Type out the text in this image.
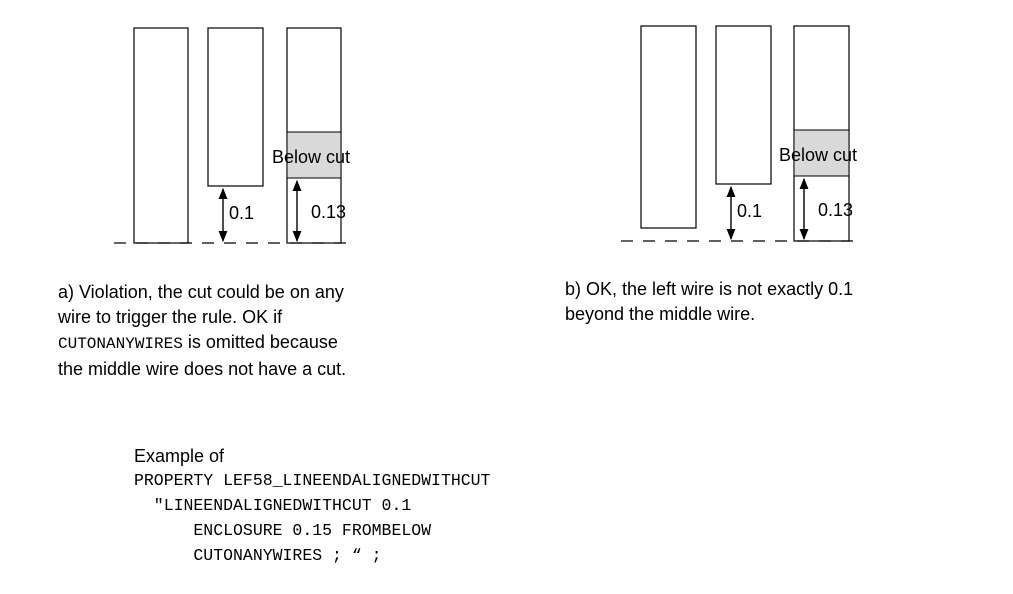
Below cut
0.1	0.13
Below cut
0.1	0.13
a) Violation, the cut could be on any
wire to trigger the rule. OK if
CUTONANYWIRES is omitted because
the middle wire does not have a cut.
b) OK, the left wire is not exactly 0.1
beyond the middle wire.
Example of
PROPERTY LEF58_LINEENDALIGNEDWITHCUT
"LINEENDALIGNEDWITHCUT 0.1
ENCLOSURE 0.15 FROMBELOW
CUTONANYWIRES ; “ ;
